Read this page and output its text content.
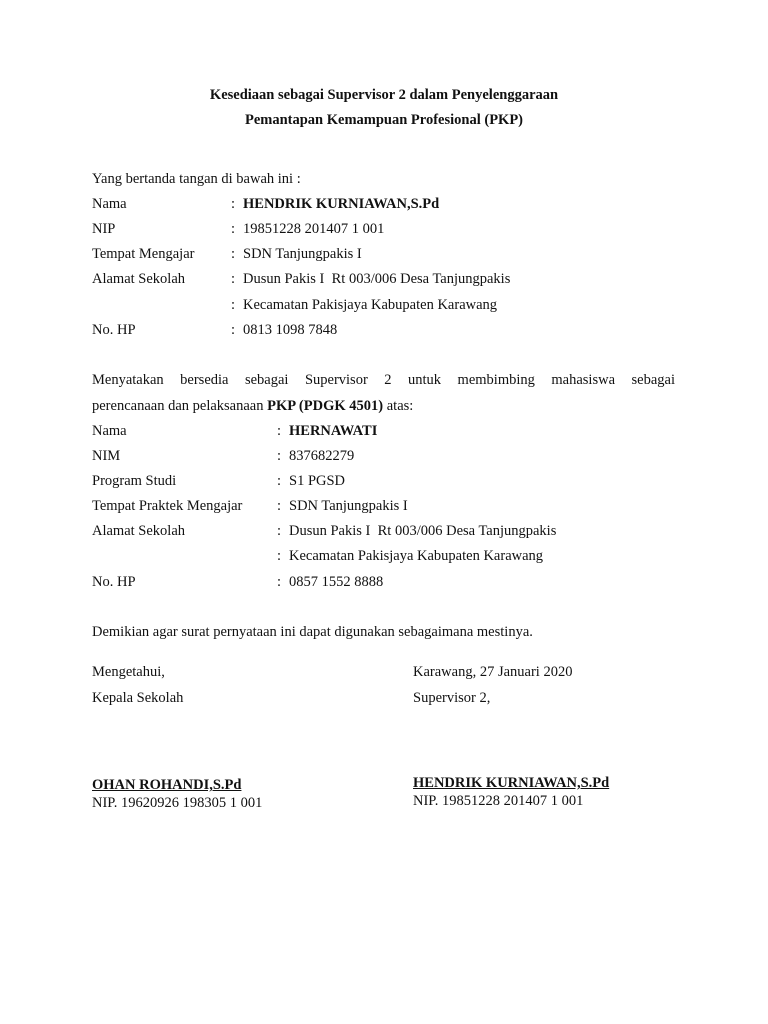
Kesediaan sebagai Supervisor 2 dalam Penyelenggaraan
Pemantapan Kemampuan Profesional (PKP)
Yang bertanda tangan di bawah ini :
Nama	: HENDRIK KURNIAWAN,S.Pd
NIP	: 19851228 201407 1 001
Tempat Mengajar	: SDN Tanjungpakis I
Alamat Sekolah	: Dusun Pakis I  Rt 003/006 Desa Tanjungpakis
: Kecamatan Pakisjaya Kabupaten Karawang
No. HP	: 0813 1098 7848
Menyatakan bersedia sebagai Supervisor 2 untuk membimbing mahasiswa sebagai
perencanaan dan pelaksanaan PKP (PDGK 4501) atas:
Nama	: HERNAWATI
NIM	: 837682279
Program Studi	: S1 PGSD
Tempat Praktek Mengajar : SDN Tanjungpakis I
Alamat Sekolah	: Dusun Pakis I  Rt 003/006 Desa Tanjungpakis
: Kecamatan Pakisjaya Kabupaten Karawang
No. HP	: 0857 1552 8888
Demikian agar surat pernyataan ini dapat digunakan sebagaimana mestinya.
Mengetahui,
Kepala Sekolah
OHAN ROHANDI,S.Pd
NIP. 19620926 198305 1 001
Karawang, 27 Januari 2020
Supervisor 2,
HENDRIK KURNIAWAN,S.Pd
NIP. 19851228 201407 1 001
